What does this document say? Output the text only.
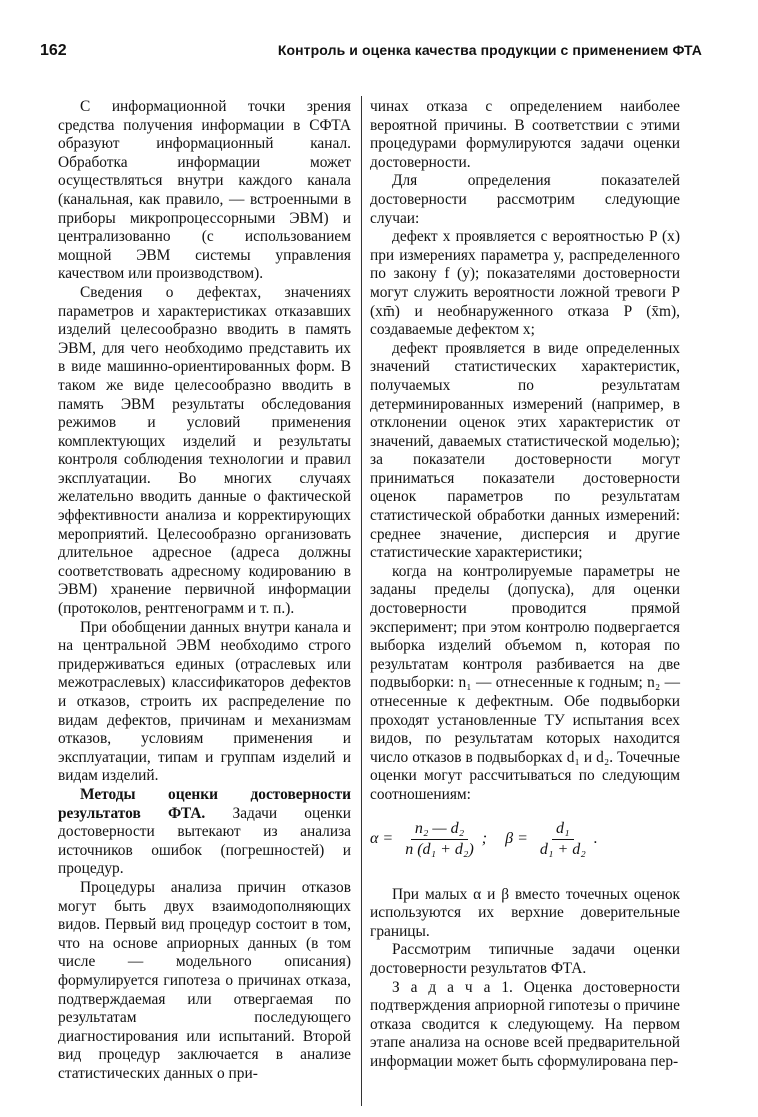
162	Контроль и оценка качества продукции с применением ФТА

С информационной точки зрения средства получения информации в СФТА образуют информационный канал. Обработка информации может осуществляться внутри каждого канала (канальная, как правило, — встроенными в приборы микропроцессорными ЭВМ) и централизованно (с использованием мощной ЭВМ системы управления качеством или производством).

Сведения о дефектах, значениях параметров и характеристиках отказавших изделий целесообразно вводить в память ЭВМ, для чего необходимо представить их в виде машинно-ориентированных форм. В таком же виде целесообразно вводить в память ЭВМ результаты обследования режимов и условий применения комплектующих изделий и результаты контроля соблюдения технологии и правил эксплуатации. Во многих случаях желательно вводить данные о фактической эффективности анализа и корректирующих мероприятий. Целесообразно организовать длительное адресное (адреса должны соответствовать адресному кодированию в ЭВМ) хранение первичной информации (протоколов, рентгенограмм и т. п.).

При обобщении данных внутри канала и на центральной ЭВМ необходимо строго придерживаться единых (отраслевых или межотраслевых) классификаторов дефектов и отказов, строить их распределение по видам дефектов, причинам и механизмам отказов, условиям применения и эксплуатации, типам и группам изделий и видам изделий.

Методы оценки достоверности результатов ФТА. Задачи оценки достоверности вытекают из анализа источников ошибок (погрешностей) и процедур.

Процедуры анализа причин отказов могут быть двух взаимодополняющих видов. Первый вид процедур состоит в том, что на основе априорных данных (в том числе — модельного описания) формулируется гипотеза о причинах отказа, подтверждаемая или отвергаемая по результатам последующего диагностирования или испытаний. Второй вид процедур заключается в анализе статистических данных о при-

чинах отказа с определением наиболее вероятной причины. В соответствии с этими процедурами формулируются задачи оценки достоверности.

Для определения показателей достоверности рассмотрим следующие случаи:

дефект x проявляется с вероятностью P (x) при измерениях параметра y, распределенного по закону f (y); показателями достоверности могут служить вероятности ложной тревоги P (xm̄) и необнаруженного отказа P (x̄m), создаваемые дефектом x;

дефект проявляется в виде определенных значений статистических характеристик, получаемых по результатам детерминированных измерений (например, в отклонении оценок этих характеристик от значений, даваемых статистической моделью); за показатели достоверности могут приниматься показатели достоверности оценок параметров по результатам статистической обработки данных измерений: среднее значение, дисперсия и другие статистические характеристики;

когда на контролируемые параметры не заданы пределы (допуска), для оценки достоверности проводится прямой эксперимент; при этом контролю подвергается выборка изделий объемом n, которая по результатам контроля разбивается на две подвыборки: n₁ — отнесенные к годным; n₂ — отнесенные к дефектным. Обе подвыборки проходят установленные ТУ испытания всех видов, по результатам которых находится число отказов в подвыборках d₁ и d₂. Точечные оценки могут рассчитываться по следующим соотношениям:

$\alpha = \frac{\text{n₂ — d₂}}{\text{n (d₁ + d₂)}}$ ; $\beta = \frac{\text{d₁}}{\text{d₁ + d₂}}$ .

При малых α и β вместо точечных оценок используются их верхние доверительные границы.

Рассмотрим типичные задачи оценки достоверности результатов ФТА.

З а д а ч а 1. Оценка достоверности подтверждения априорной гипотезы о причине отказа сводится к следующему. На первом этапе анализа на основе всей предварительной информации может быть сформулирована пер-
